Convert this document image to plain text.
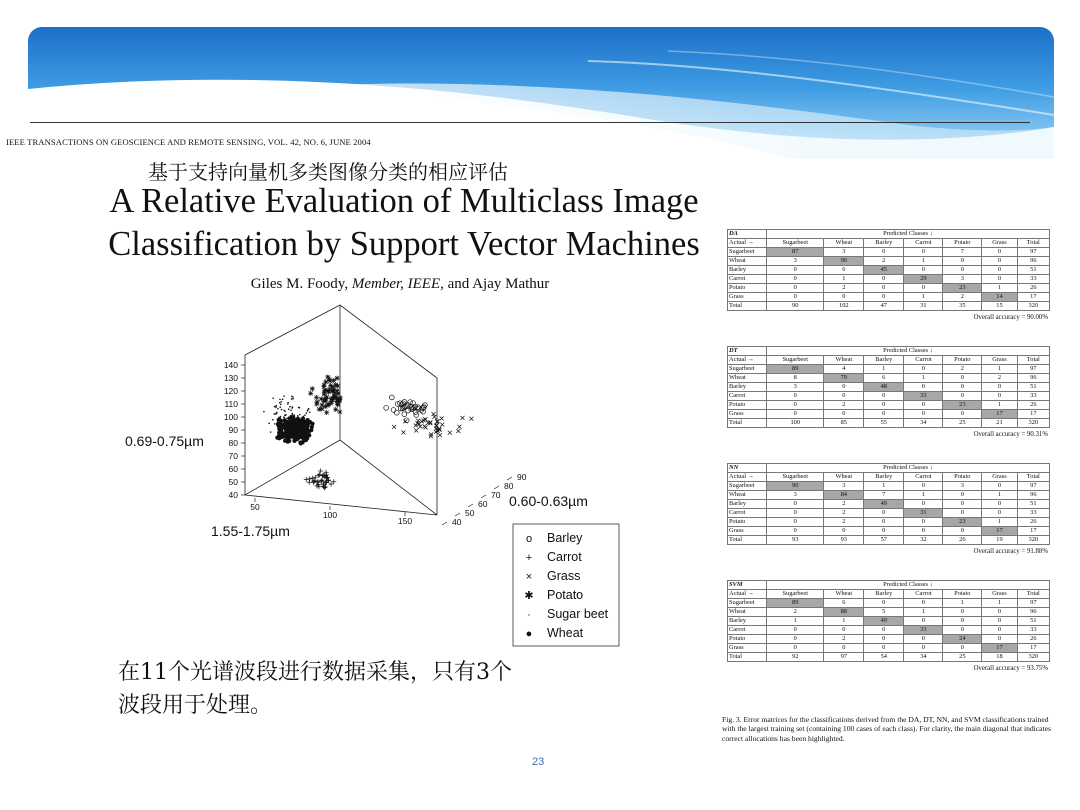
IEEE TRANSACTIONS ON GEOSCIENCE AND REMOTE SENSING, VOL. 42, NO. 6, JUNE 2004
基于支持向量机多类图像分类的相应评估
A Relative Evaluation of Multiclass Image
Classification by Support Vector Machines
Giles M. Foody, Member, IEEE, and Ajay Mathur
40
50
60
70
80
90
100
110
120
130
140
50
100
150	40
50
60
70
80
90
0.69-0.75µm
1.55-1.75µm
0.60-0.63µm
o Barley
+ Carrot
× Grass
✱ Potato
· Sugar beet
● Wheat
在11个光谱波段进行数据采集，只有3个
波段用于处理。
23
DA	Predicted Classes ↓						
Actual →	Sugarbeet	Wheat	Barley	Carrot	Potato	Grass	Total
Sugarbeet	87	3	0	0	7	0	97
Wheat	3	90	2	1	0	0	96
Barley	0	6	45	0	0	0	51
Carrot	0	1	0	29	3	0	33
Potato	0	2	0	0	23	1	26
Grass	0	0	0	1	2	14	17
Total	90	102	47	31	35	15	320
Overall accuracy = 90.00%
DT	Predicted Classes ↓						
Actual →	Sugarbeet	Wheat	Barley	Carrot	Potato	Grass	Total
Sugarbeet	89	4	1	0	2	1	97
Wheat	8	79	6	1	0	2	96
Barley	3	0	48	0	0	0	51
Carrot	0	0	0	33	0	0	33
Potato	0	2	0	0	23	1	26
Grass	0	0	0	0	0	17	17
Total	100	85	55	34	25	21	320
Overall accuracy = 90.31%
NN	Predicted Classes ↓						
Actual →	Sugarbeet	Wheat	Barley	Carrot	Potato	Grass	Total
Sugarbeet	90	3	1	0	3	0	97
Wheat	3	84	7	1	0	1	96
Barley	0	2	49	0	0	0	51
Carrot	0	2	0	31	0	0	33
Potato	0	2	0	0	23	1	26
Grass	0	0	0	0	0	17	17
Total	93	93	57	32	26	19	320
Overall accuracy = 91.88%
SVM	Predicted Classes ↓						
Actual →	Sugarbeet	Wheat	Barley	Carrot	Potato	Grass	Total
Sugarbeet	89	6	0	0	1	1	97
Wheat	2	88	5	1	0	0	96
Barley	1	1	49	0	0	0	51
Carrot	0	0	0	33	0	0	33
Potato	0	2	0	0	24	0	26
Grass	0	0	0	0	0	17	17
Total	92	97	54	34	25	18	320
Overall accuracy = 93.75%
Fig. 3. Error matrices for the classifications derived from the DA, DT, NN, and SVM classifications trained with the largest training set (containing 100 cases of each class). For clarity, the main diagonal that indicates correct allocations has been highlighted.
